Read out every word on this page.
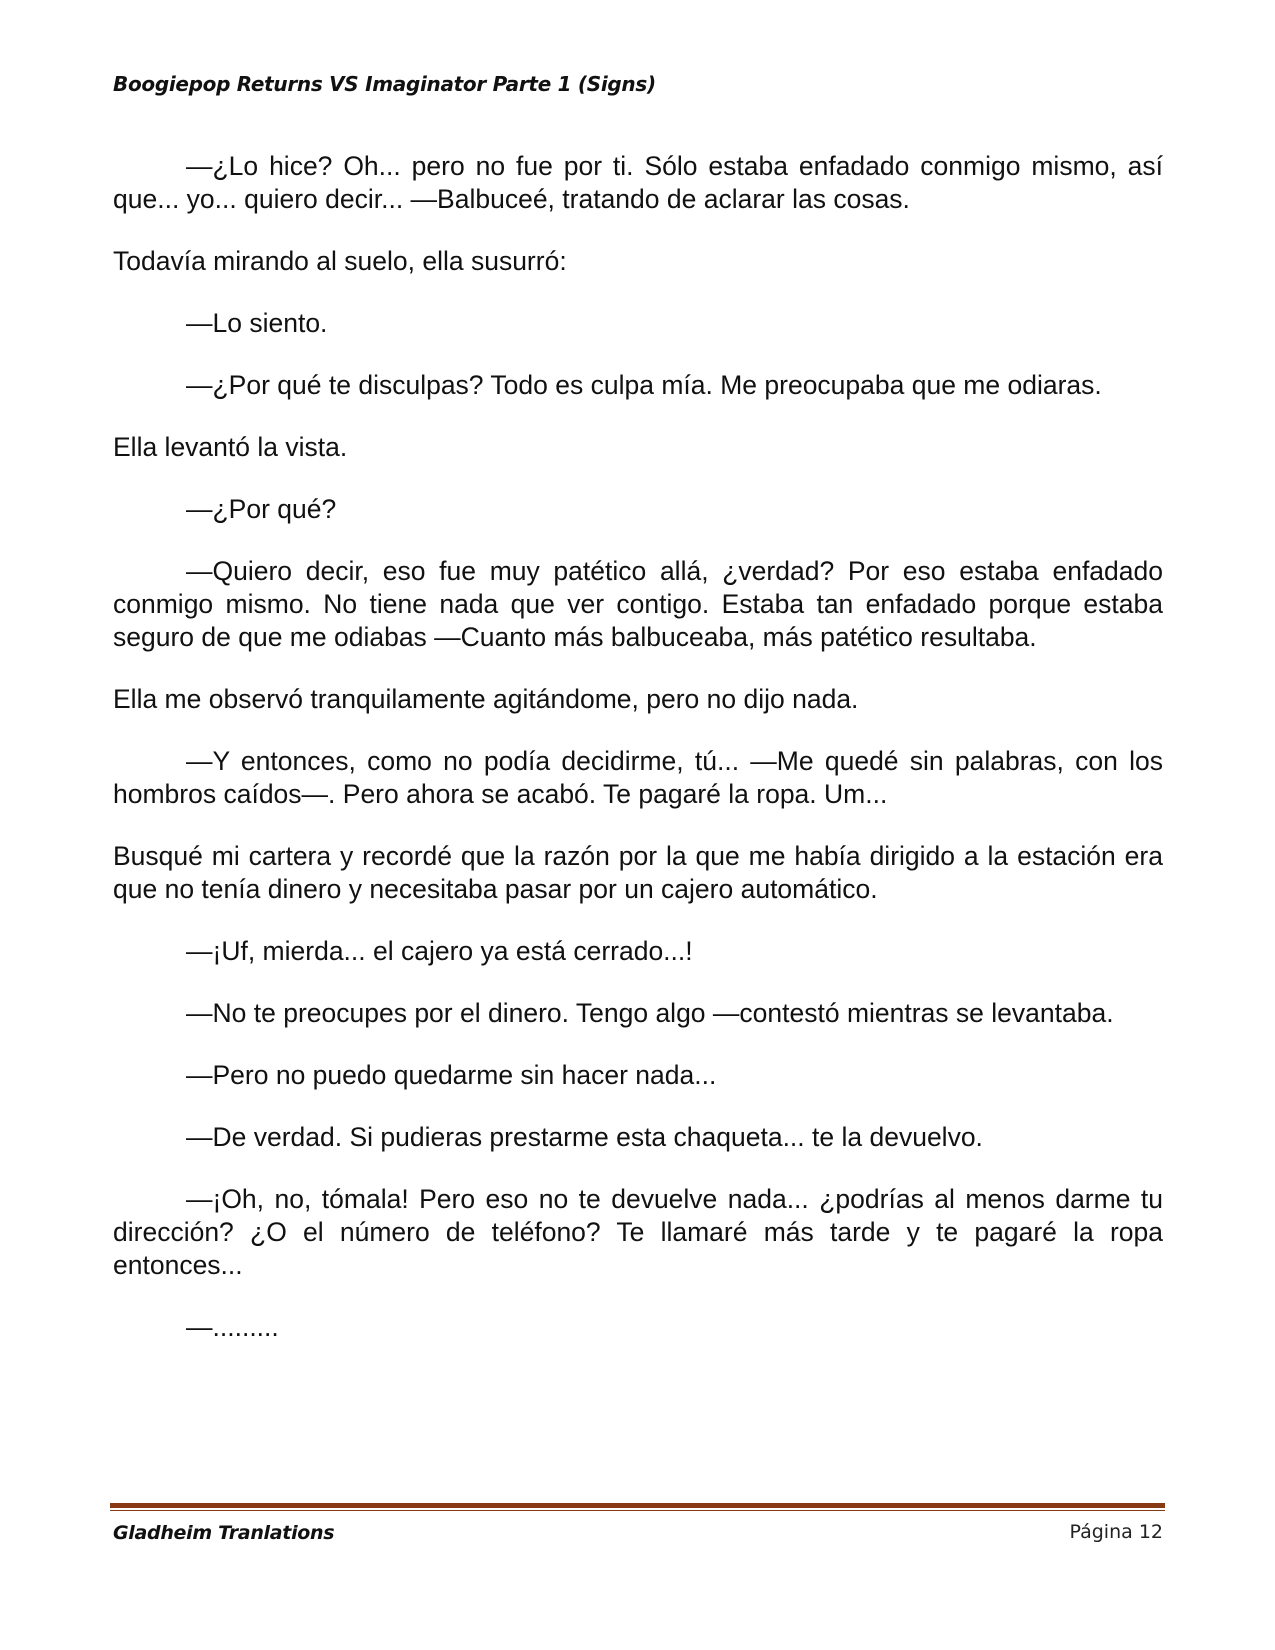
Boogiepop Returns VS Imaginator Parte 1 (Signs)

—¿Lo hice? Oh... pero no fue por ti. Sólo estaba enfadado conmigo mismo, así que... yo... quiero decir... —Balbuceé, tratando de aclarar las cosas.

Todavía mirando al suelo, ella susurró:

—Lo siento.

—¿Por qué te disculpas? Todo es culpa mía. Me preocupaba que me odiaras.

Ella levantó la vista.

—¿Por qué?

—Quiero decir, eso fue muy patético allá, ¿verdad? Por eso estaba enfadado conmigo mismo. No tiene nada que ver contigo. Estaba tan enfadado porque estaba seguro de que me odiabas —Cuanto más balbuceaba, más patético resultaba.

Ella me observó tranquilamente agitándome, pero no dijo nada.

—Y entonces, como no podía decidirme, tú... —Me quedé sin palabras, con los hombros caídos—. Pero ahora se acabó. Te pagaré la ropa. Um...

Busqué mi cartera y recordé que la razón por la que me había dirigido a la estación era que no tenía dinero y necesitaba pasar por un cajero automático.

—¡Uf, mierda... el cajero ya está cerrado...!

—No te preocupes por el dinero. Tengo algo —contestó mientras se levantaba.

—Pero no puedo quedarme sin hacer nada...

—De verdad. Si pudieras prestarme esta chaqueta... te la devuelvo.

—¡Oh, no, tómala! Pero eso no te devuelve nada... ¿podrías al menos darme tu dirección? ¿O el número de teléfono? Te llamaré más tarde y te pagaré la ropa entonces...

—.........

Gladheim Tranlations	Página 12
